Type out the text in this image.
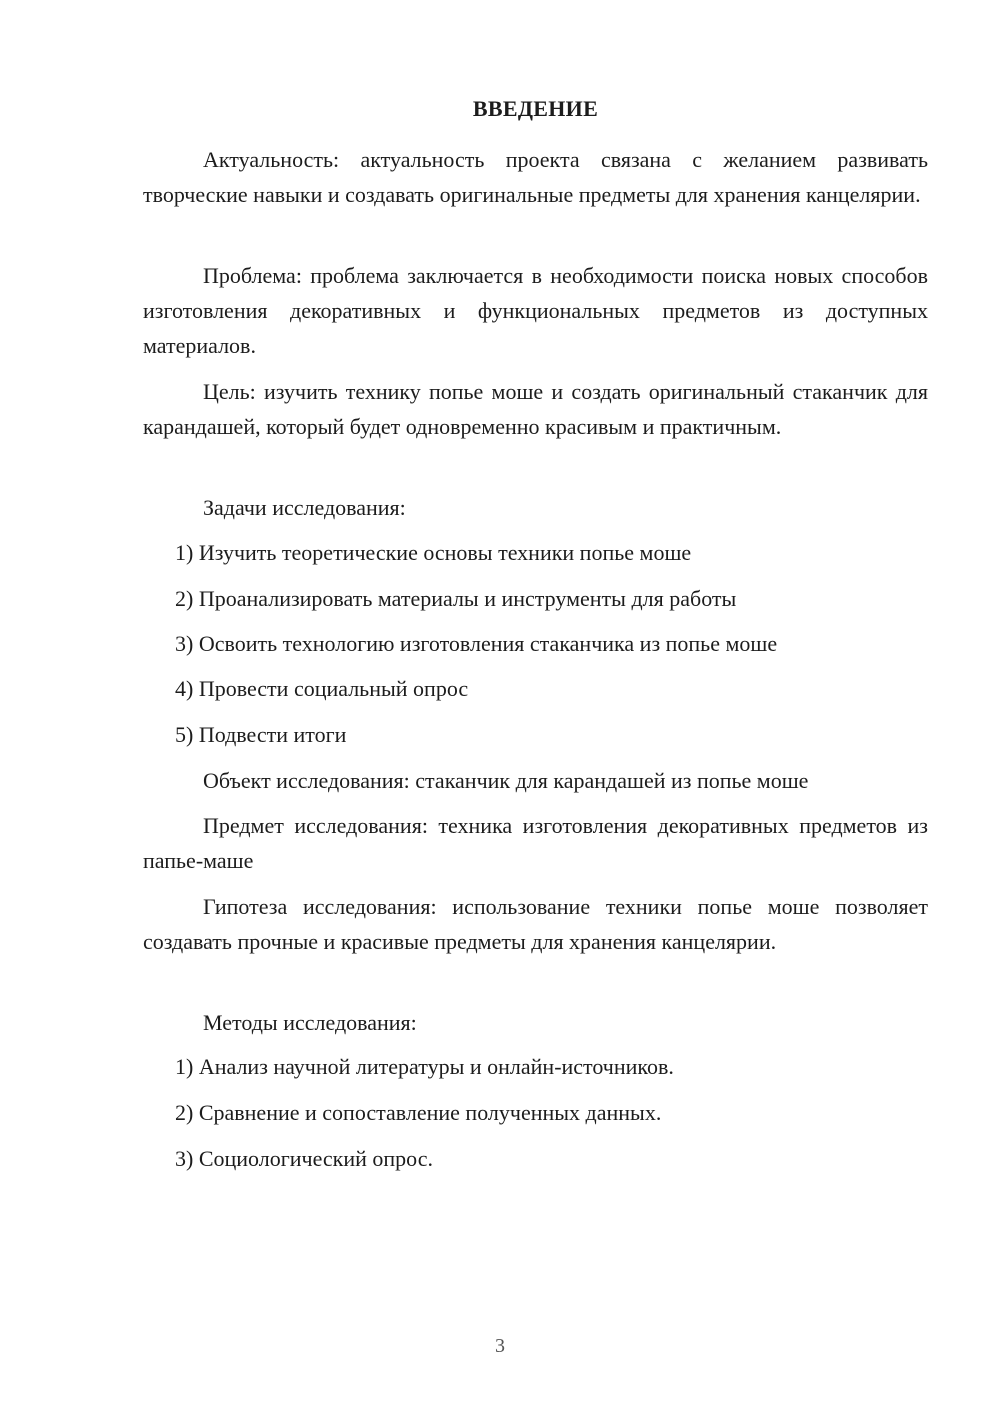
ВВЕДЕНИЕ
Актуальность: актуальность проекта связана с желанием развивать творческие навыки и создавать оригинальные предметы для хранения канцелярии.
Проблема: проблема заключается в необходимости поиска новых способов изготовления декоративных и функциональных предметов из доступных материалов.
Цель: изучить технику попье моше и создать оригинальный стаканчик для карандашей, который будет одновременно красивым и практичным.
Задачи исследования:
1) Изучить теоретические основы техники попье моше
2) Проанализировать материалы и инструменты для работы
3) Освоить технологию изготовления стаканчика из попье моше
4) Провести социальный опрос
5) Подвести итоги
Объект исследования: стаканчик для карандашей из попье моше
Предмет исследования: техника изготовления декоративных предметов из папье-маше
Гипотеза исследования: использование техники попье моше позволяет создавать прочные и красивые предметы для хранения канцелярии.
Методы исследования:
1) Анализ научной литературы и онлайн-источников.
2) Сравнение и сопоставление полученных данных.
3) Социологический опрос.
3
